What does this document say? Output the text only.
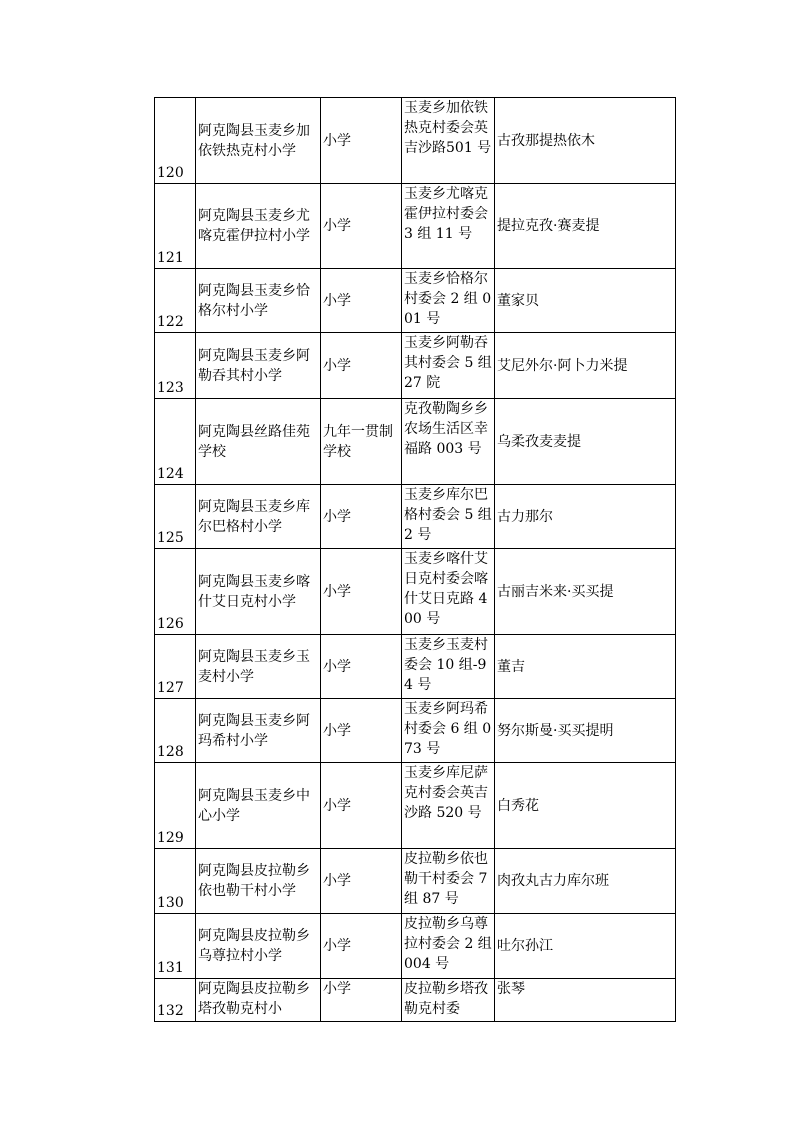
120	阿克陶县玉麦乡加依铁热克村小学	小学	玉麦乡加依铁热克村委会英吉沙路501 号	古孜那提热依木
121	阿克陶县玉麦乡尤喀克霍伊拉村小学	小学	玉麦乡尤喀克霍伊拉村委会 3 组 11 号	提拉克孜·赛麦提
122	阿克陶县玉麦乡恰格尔村小学	小学	玉麦乡恰格尔村委会 2 组 001 号	董家贝
123	阿克陶县玉麦乡阿勒吞其村小学	小学	玉麦乡阿勒吞其村委会 5 组 27 院	艾尼外尔·阿卜力米提
124	阿克陶县丝路佳苑学校	九年一贯制学校	克孜勒陶乡乡农场生活区幸福路 003 号	乌柔孜麦麦提
125	阿克陶县玉麦乡库尔巴格村小学	小学	玉麦乡库尔巴格村委会 5 组 2 号	古力那尔
126	阿克陶县玉麦乡喀什艾日克村小学	小学	玉麦乡喀什艾日克村委会喀什艾日克路 400 号	古丽吉米来·买买提
127	阿克陶县玉麦乡玉麦村小学	小学	玉麦乡玉麦村委会 10 组-94 号	董吉
128	阿克陶县玉麦乡阿玛希村小学	小学	玉麦乡阿玛希村委会 6 组 073 号	努尔斯曼·买买提明
129	阿克陶县玉麦乡中心小学	小学	玉麦乡库尼萨克村委会英吉沙路 520 号	白秀花
130	阿克陶县皮拉勒乡依也勒干村小学	小学	皮拉勒乡依也勒干村委会 7 组 87 号	肉孜丸古力库尔班
131	阿克陶县皮拉勒乡乌尊拉村小学	小学	皮拉勒乡乌尊拉村委会 2 组 004 号	吐尔孙江
132	阿克陶县皮拉勒乡塔孜勒克村小	小学	皮拉勒乡塔孜勒克村委	张琴
